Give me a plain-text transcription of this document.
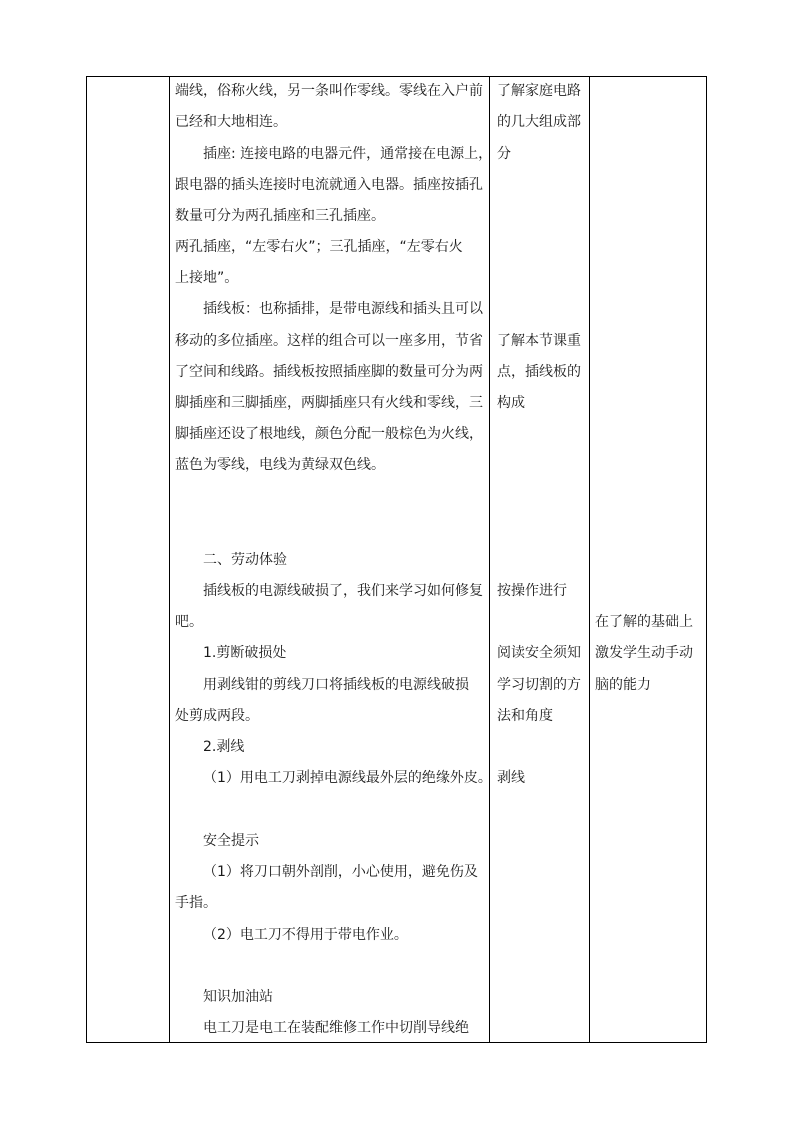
端线，俗称火线，另一条叫作零线。零线在入户前
已经和大地相连。
插座: 连接电路的电器元件，通常接在电源上，
跟电器的插头连接时电流就通入电器。插座按插孔
数量可分为两孔插座和三孔插座。
两孔插座，“左零右火”；三孔插座，“左零右火
上接地”。
插线板：也称插排，是带电源线和插头且可以
移动的多位插座。这样的组合可以一座多用，节省
了空间和线路。插线板按照插座脚的数量可分为两
脚插座和三脚插座，两脚插座只有火线和零线，三
脚插座还设了根地线，颜色分配一般棕色为火线，
蓝色为零线，电线为黄绿双色线。
二、劳动体验
插线板的电源线破损了，我们来学习如何修复
吧。
1.剪断破损处
用剥线钳的剪线刀口将插线板的电源线破损
处剪成两段。
2.剥线
（1）用电工刀剥掉电源线最外层的绝缘外皮。
安全提示
（1）将刀口朝外剖削，小心使用，避免伤及
手指。
（2）电工刀不得用于带电作业。
知识加油站
电工刀是电工在装配维修工作中切削导线绝
了解家庭电路
的几大组成部
分
了解本节课重
点，插线板的
构成
按操作进行
阅读安全须知
学习切割的方
法和角度
剥线
在了解的基础上
激发学生动手动
脑的能力
